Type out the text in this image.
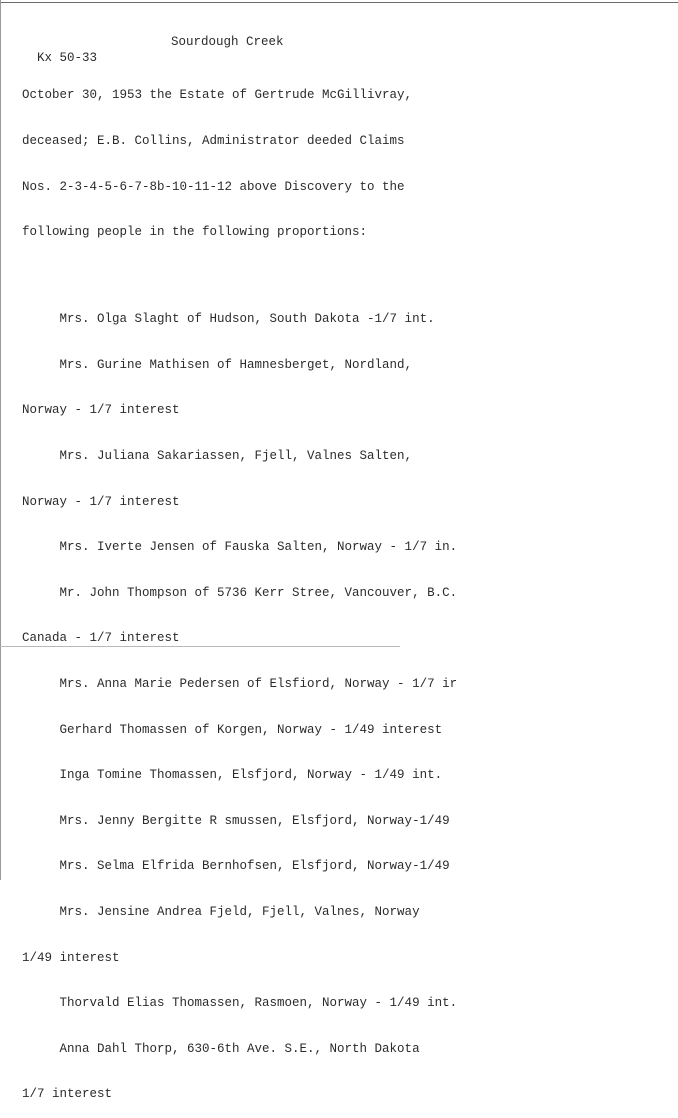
Kx 50-33

Sourdough Creek

October 30, 1953 the Estate of Gertrude McGillivray,

deceased; E.B. Collins, Administrator deeded Claims

Nos. 2-3-4-5-6-7-8b-10-11-12 above Discovery to the

following people in the following proportions:

Mrs. Olga Slaght of Hudson, South Dakota -1/7 int.

Mrs. Gurine Mathisen of Hamnesberget, Nordland,

Norway - 1/7 interest

Mrs. Juliana Sakariassen, Fjell, Valnes Salten,

Norway - 1/7 interest

Mrs. Iverte Jensen of Fauska Salten, Norway - 1/7 in.

Mr. John Thompson of 5736 Kerr Stree, Vancouver, B.C.

Canada - 1/7 interest

Mrs. Anna Marie Pedersen of Elsfiord, Norway - 1/7 ir

Gerhard Thomassen of Korgen, Norway - 1/49 interest

Inga Tomine Thomassen, Elsfjord, Norway - 1/49 int.

Mrs. Jenny Bergitte R smussen, Elsfjord, Norway-1/49

Mrs. Selma Elfrida Bernhofsen, Elsfjord, Norway-1/49

Mrs. Jensine Andrea Fjeld, Fjell, Valnes, Norway

1/49 interest

Thorvald Elias Thomassen, Rasmoen, Norway - 1/49 int.

Anna Dahl Thorp, 630-6th Ave. S.E., North Dakota

1/7 interest
